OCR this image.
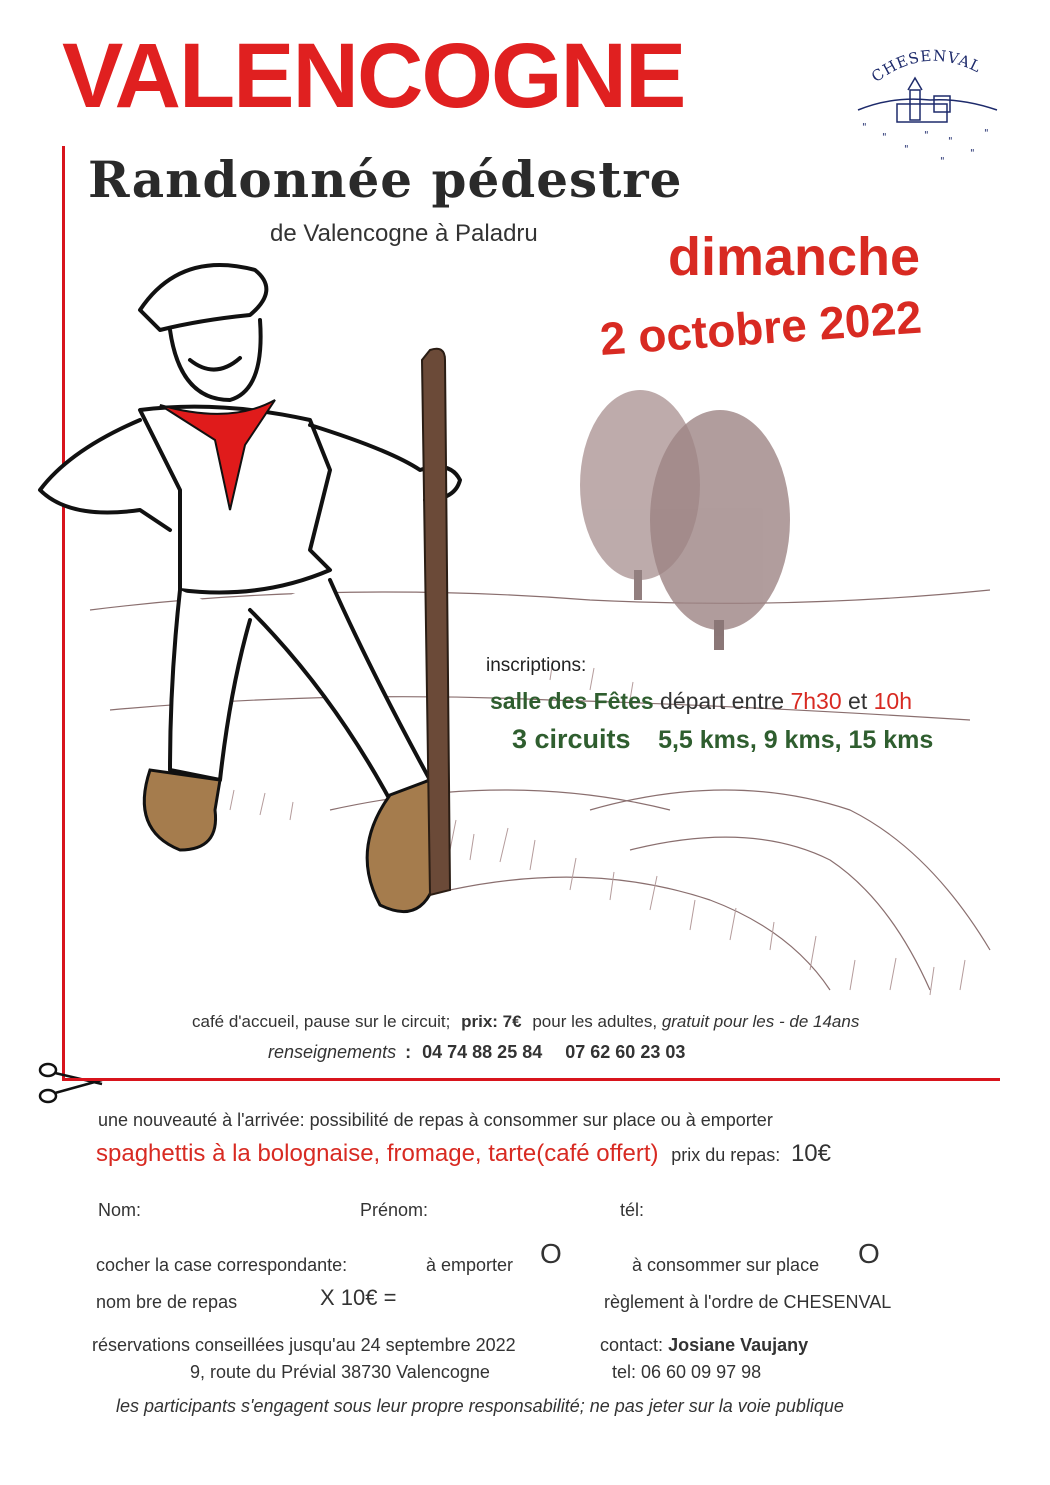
VALENCOGNE	CHESENVAL
"
"
"
"
"
"
"
"
Randonnée pédestre
de Valencogne à Paladru dimanche
2 octobre 2022
inscriptions:
salle des Fêtes départ entre 7h30 et 10h
3 circuits 5,5 kms, 9 kms, 15 kms
café d'accueil, pause sur le circuit; prix: 7€ pour les adultes, gratuit pour les - de 14ans
renseignements : 04 74 88 25 84 07 62 60 23 03
une nouveauté à l'arrivée: possibilité de repas à consommer sur place ou à emporter
spaghettis à la bolognaise, fromage, tarte(café offert) prix du repas: 10€
Nom:	Prénom:	tél:
cocher la case correspondante:	à emporter O	à consommer sur place O
nom bre de repas	X 10€ =	règlement à l'ordre de CHESENVAL
réservations conseillées jusqu'au 24 septembre 2022	contact: Josiane Vaujany
9, route du Prévial 38730 Valencogne	tel: 06 60 09 97 98
les participants s'engagent sous leur propre responsabilité; ne pas jeter sur la voie publique
